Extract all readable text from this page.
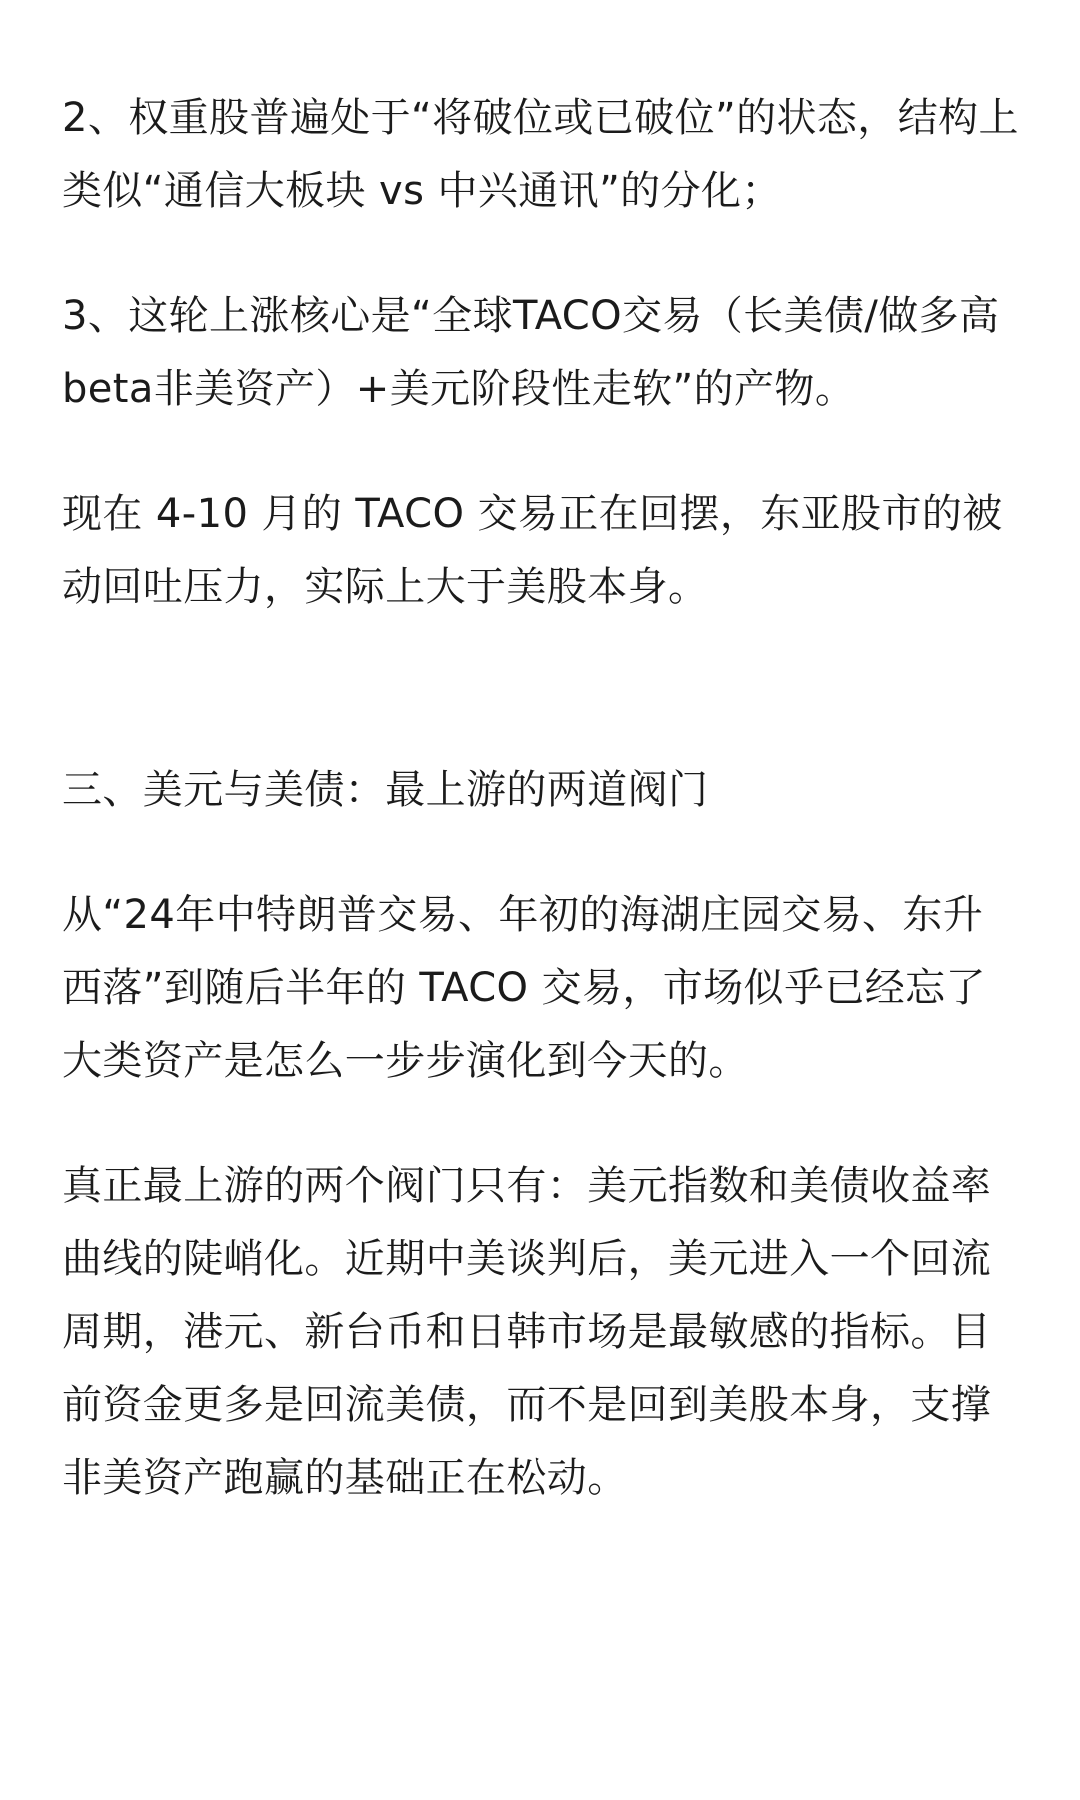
2、权重股普遍处于“将破位或已破位”的状态，结构上类似“通信大板块 vs 中兴通讯”的分化；

3、这轮上涨核心是“全球TACO交易（长美债/做多高beta非美资产）+美元阶段性走软”的产物。

现在 4-10 月的 TACO 交易正在回摆，东亚股市的被动回吐压力，实际上大于美股本身。

三、美元与美债：最上游的两道阀门

从“24年中特朗普交易、年初的海湖庄园交易、东升西落”到随后半年的 TACO 交易，市场似乎已经忘了大类资产是怎么一步步演化到今天的。

真正最上游的两个阀门只有：美元指数和美债收益率曲线的陡峭化。近期中美谈判后，美元进入一个回流周期，港元、新台币和日韩市场是最敏感的指标。目前资金更多是回流美债，而不是回到美股本身，支撑非美资产跑赢的基础正在松动。
